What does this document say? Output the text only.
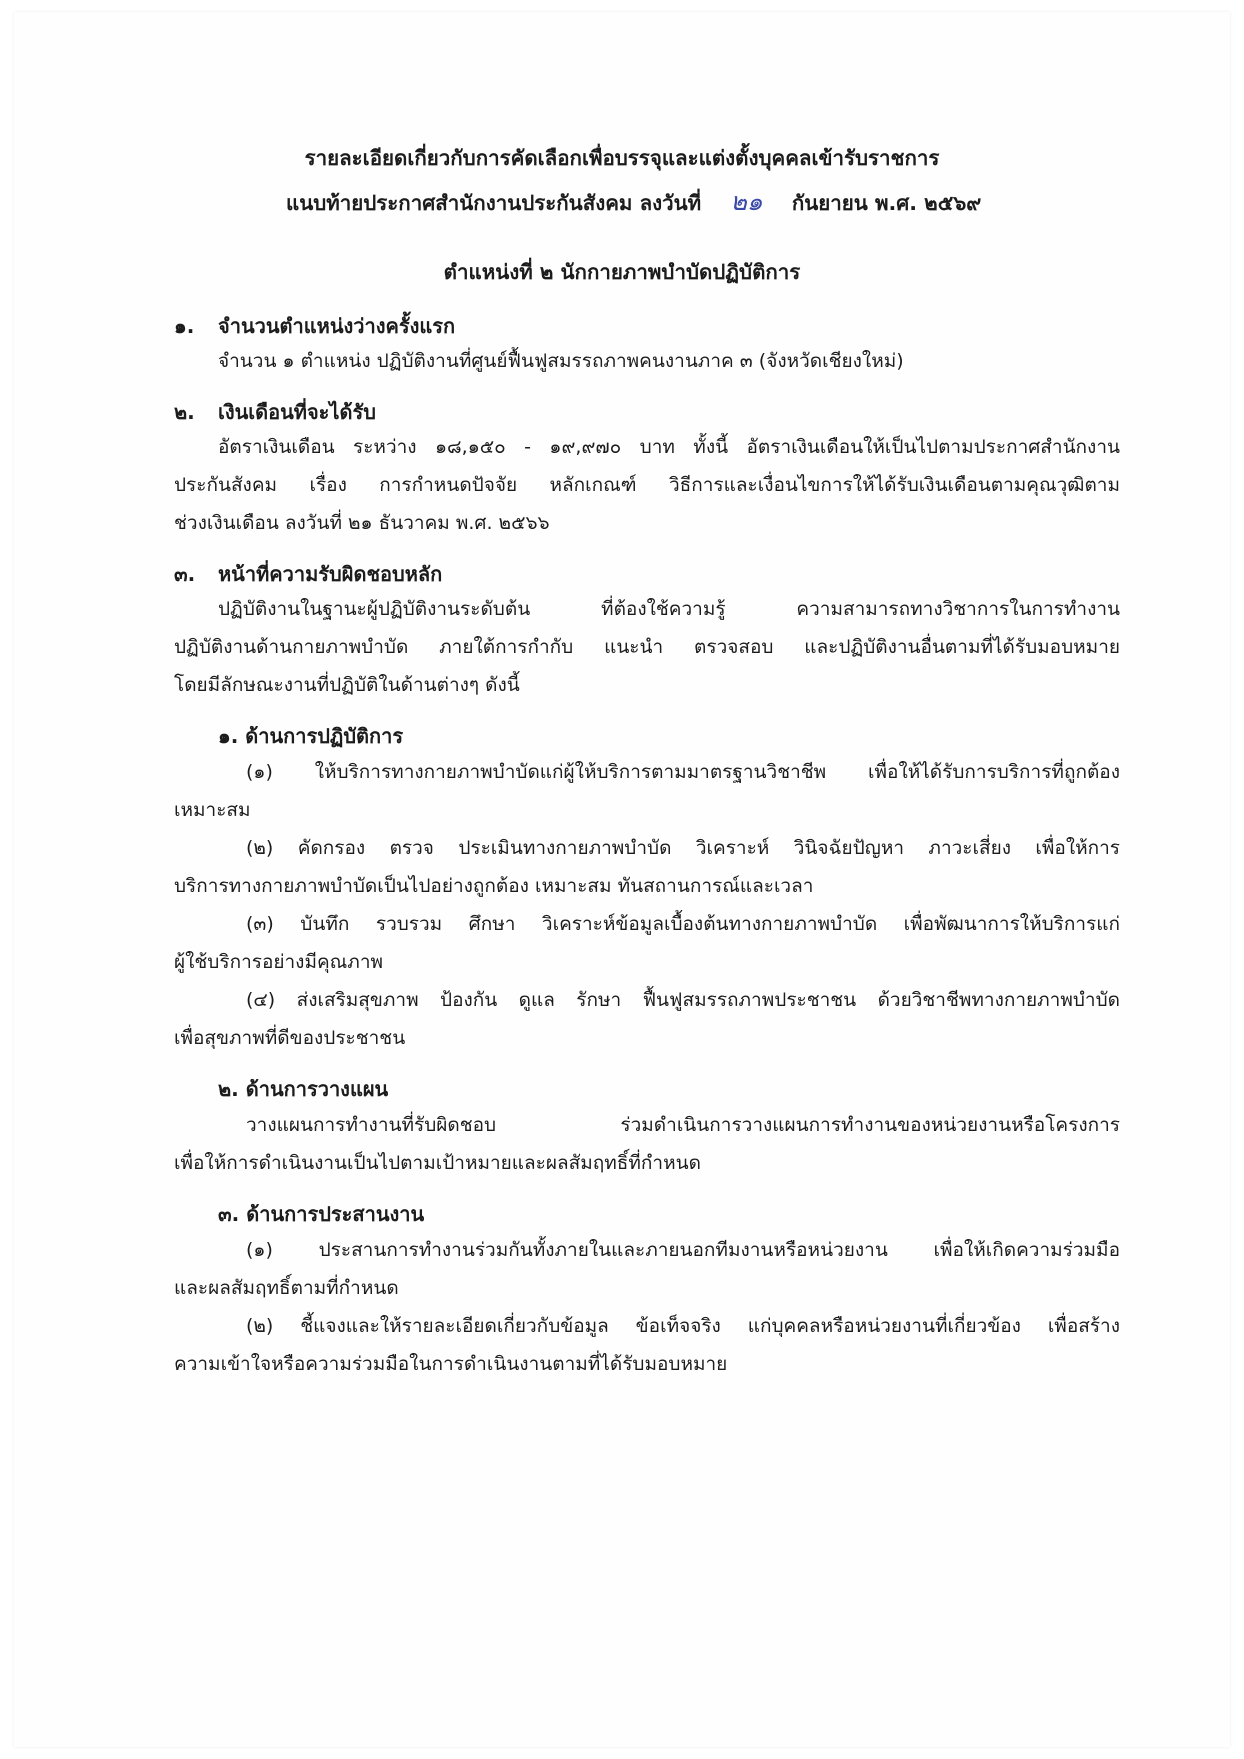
รายละเอียดเกี่ยวกับการคัดเลือกเพื่อบรรจุและแต่งตั้งบุคคลเข้ารับราชการ
แนบท้ายประกาศสำนักงานประกันสังคม ลงวันที่ ๒๑ กันยายน พ.ศ. ๒๕๖๙
ตำแหน่งที่ ๒ นักกายภาพบำบัดปฏิบัติการ
๑. จำนวนตำแหน่งว่างครั้งแรก
จำนวน ๑ ตำแหน่ง ปฏิบัติงานที่ศูนย์ฟื้นฟูสมรรถภาพคนงานภาค ๓ (จังหวัดเชียงใหม่)
๒. เงินเดือนที่จะได้รับ
อัตราเงินเดือน ระหว่าง ๑๘,๑๕๐ - ๑๙,๙๗๐ บาท ทั้งนี้ อัตราเงินเดือนให้เป็นไปตามประกาศสำนักงาน
ประกันสังคม เรื่อง การกำหนดปัจจัย หลักเกณฑ์ วิธีการและเงื่อนไขการให้ได้รับเงินเดือนตามคุณวุฒิตาม
ช่วงเงินเดือน ลงวันที่ ๒๑ ธันวาคม พ.ศ. ๒๕๖๖
๓. หน้าที่ความรับผิดชอบหลัก
ปฏิบัติงานในฐานะผู้ปฏิบัติงานระดับต้น ที่ต้องใช้ความรู้ ความสามารถทางวิชาการในการทำงาน
ปฏิบัติงานด้านกายภาพบำบัด ภายใต้การกำกับ แนะนำ ตรวจสอบ และปฏิบัติงานอื่นตามที่ได้รับมอบหมาย
โดยมีลักษณะงานที่ปฏิบัติในด้านต่างๆ ดังนี้
๑. ด้านการปฏิบัติการ
(๑) ให้บริการทางกายภาพบำบัดแก่ผู้ให้บริการตามมาตรฐานวิชาชีพ เพื่อให้ได้รับการบริการที่ถูกต้อง
เหมาะสม
(๒) คัดกรอง ตรวจ ประเมินทางกายภาพบำบัด วิเคราะห์ วินิจฉัยปัญหา ภาวะเสี่ยง เพื่อให้การ
บริการทางกายภาพบำบัดเป็นไปอย่างถูกต้อง เหมาะสม ทันสถานการณ์และเวลา
(๓) บันทึก รวบรวม ศึกษา วิเคราะห์ข้อมูลเบื้องต้นทางกายภาพบำบัด เพื่อพัฒนาการให้บริการแก่
ผู้ใช้บริการอย่างมีคุณภาพ
(๔) ส่งเสริมสุขภาพ ป้องกัน ดูแล รักษา ฟื้นฟูสมรรถภาพประชาชน ด้วยวิชาชีพทางกายภาพบำบัด
เพื่อสุขภาพที่ดีของประชาชน
๒. ด้านการวางแผน
วางแผนการทำงานที่รับผิดชอบ ร่วมดำเนินการวางแผนการทำงานของหน่วยงานหรือโครงการ
เพื่อให้การดำเนินงานเป็นไปตามเป้าหมายและผลสัมฤทธิ์ที่กำหนด
๓. ด้านการประสานงาน
(๑) ประสานการทำงานร่วมกันทั้งภายในและภายนอกทีมงานหรือหน่วยงาน เพื่อให้เกิดความร่วมมือ
และผลสัมฤทธิ์ตามที่กำหนด
(๒) ชี้แจงและให้รายละเอียดเกี่ยวกับข้อมูล ข้อเท็จจริง แก่บุคคลหรือหน่วยงานที่เกี่ยวข้อง เพื่อสร้าง
ความเข้าใจหรือความร่วมมือในการดำเนินงานตามที่ได้รับมอบหมาย
